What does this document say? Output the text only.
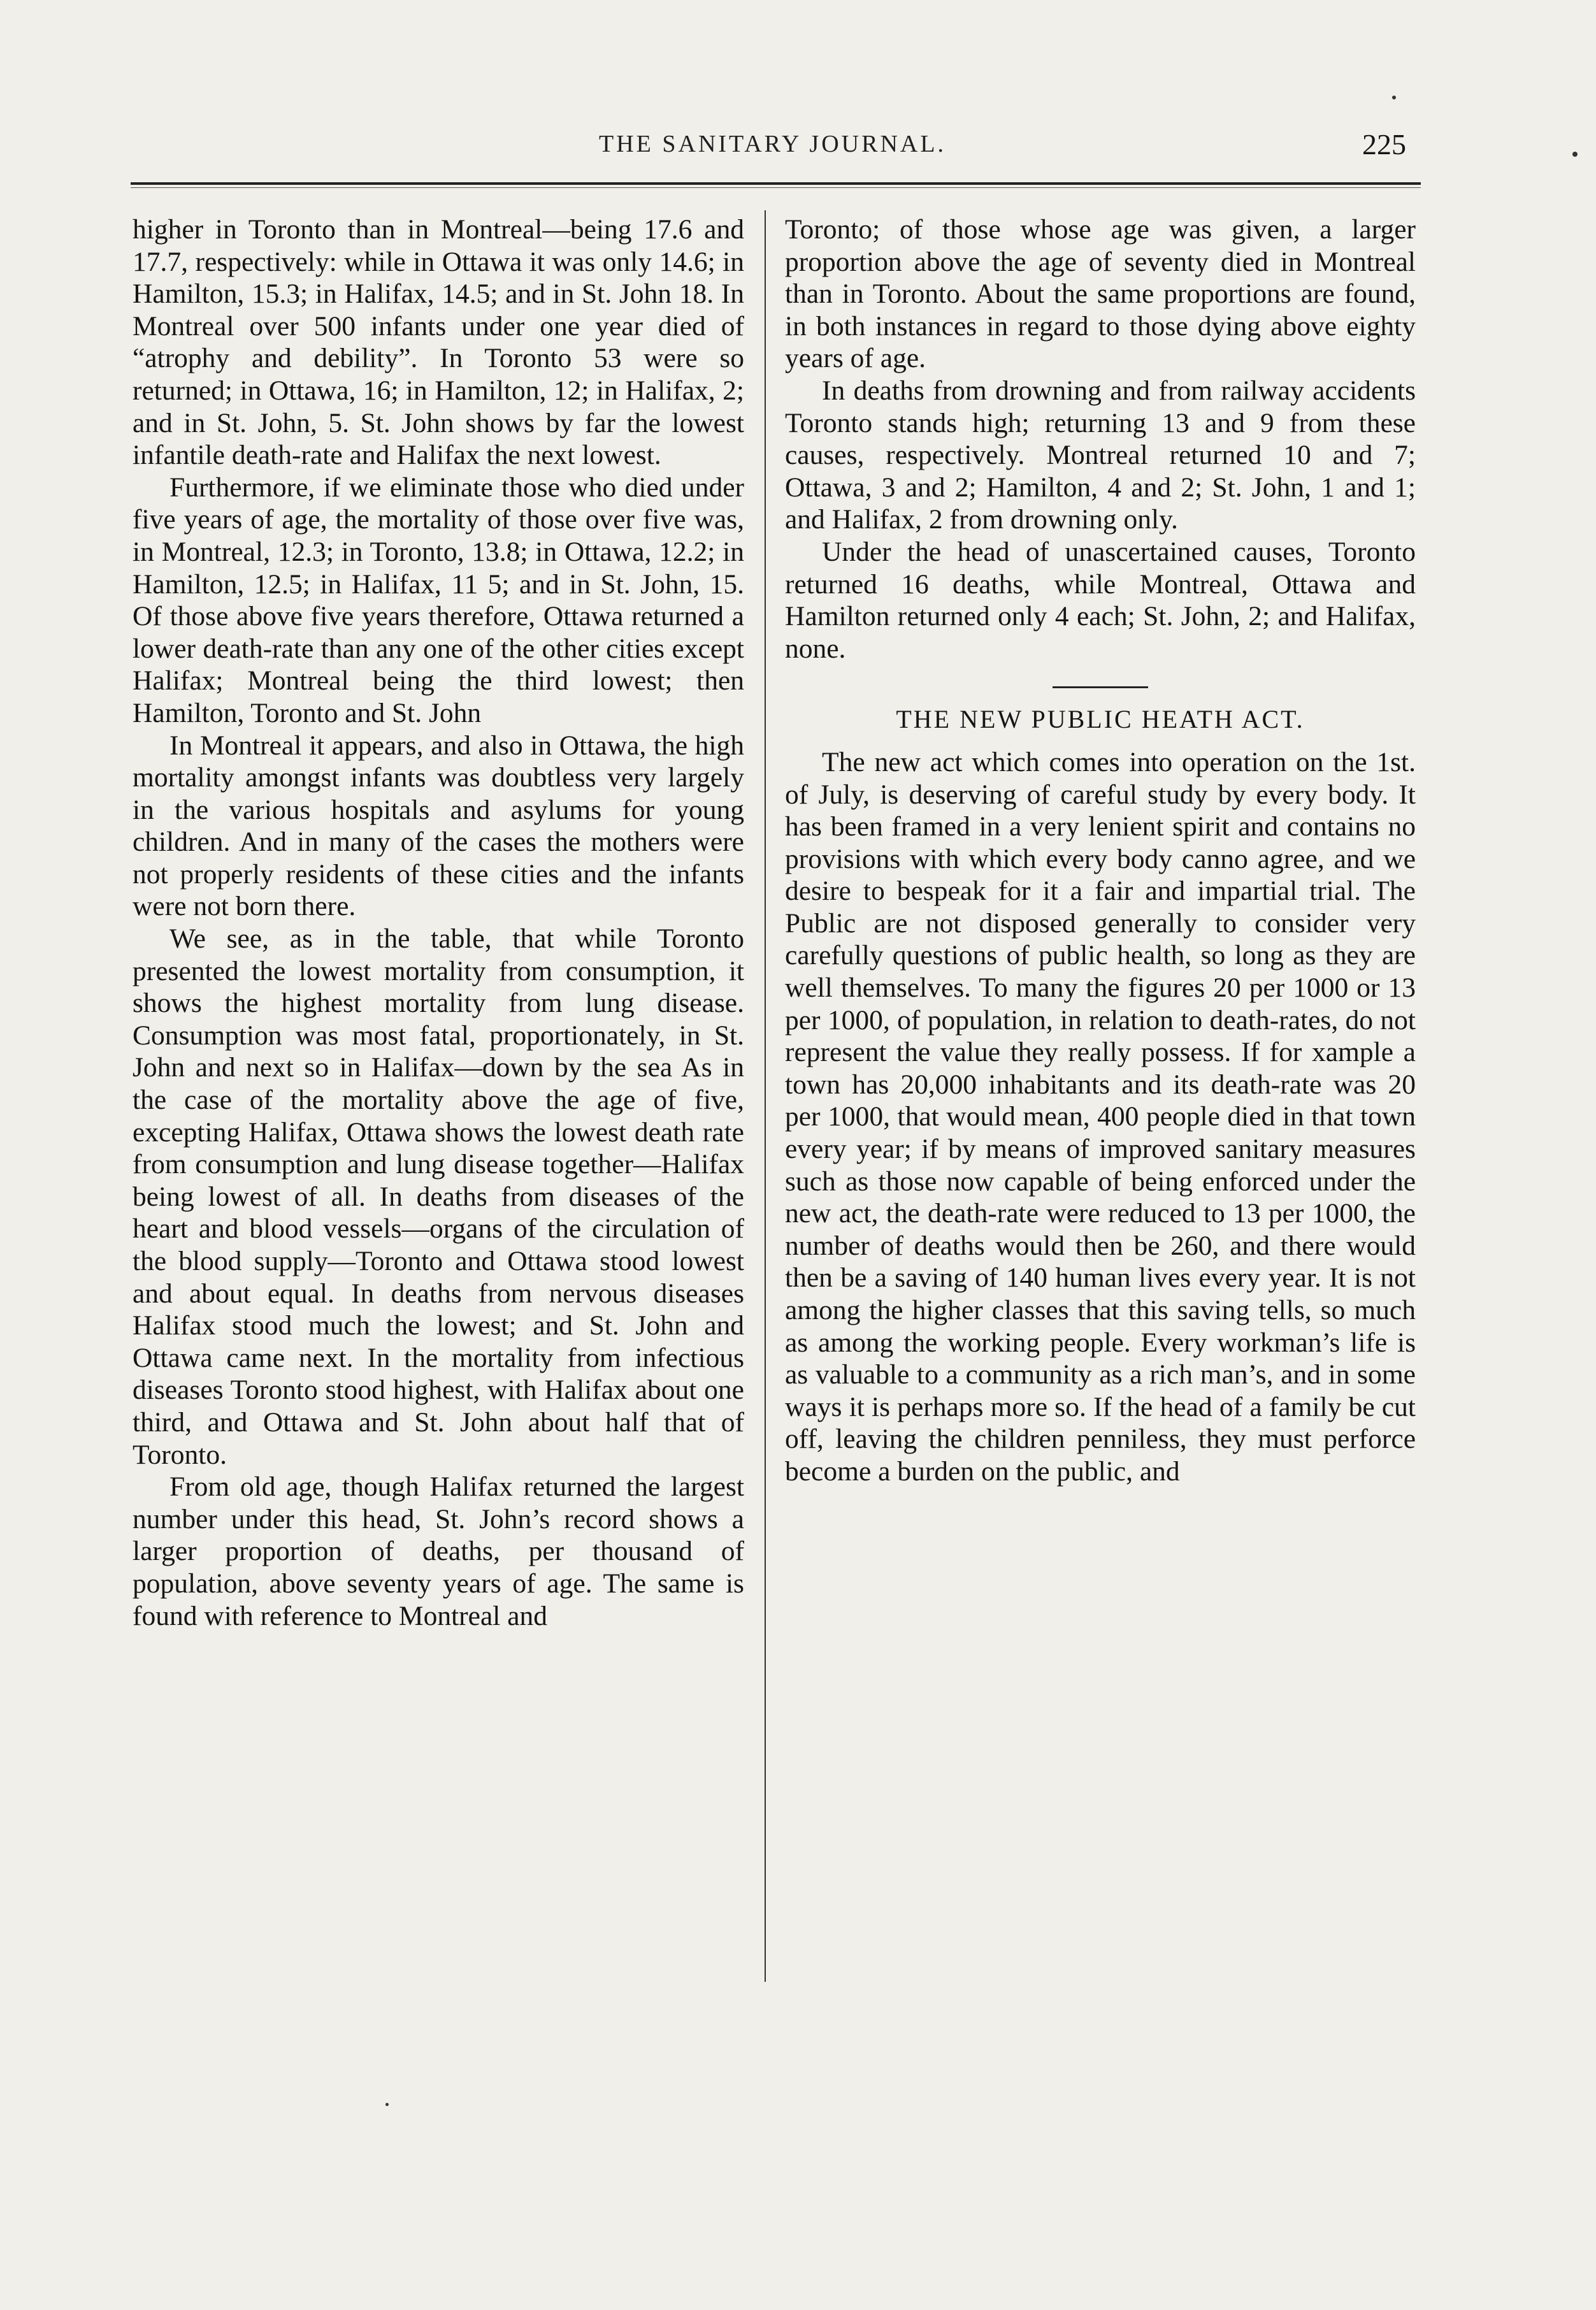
THE SANITARY JOURNAL.	225

higher in Toronto than in Montreal—being 17.6 and 17.7, respectively: while in Ottawa it was only 14.6; in Hamilton, 15.3; in Halifax, 14.5; and in St. John 18. In Montreal over 500 infants under one year died of “atrophy and debility”. In Toronto 53 were so returned; in Ottawa, 16; in Hamilton, 12; in Halifax, 2; and in St. John, 5. St. John shows by far the lowest infantile death-rate and Halifax the next lowest.

Furthermore, if we eliminate those who died under five years of age, the mortality of those over five was, in Montreal, 12.3; in Toronto, 13.8; in Ottawa, 12.2; in Hamilton, 12.5; in Halifax, 11 5; and in St. John, 15. Of those above five years therefore, Ottawa returned a lower death-rate than any one of the other cities except Halifax; Montreal being the third lowest; then Hamilton, Toronto and St. John

In Montreal it appears, and also in Ottawa, the high mortality amongst infants was doubtless very largely in the various hospitals and asylums for young children. And in many of the cases the mothers were not properly residents of these cities and the infants were not born there.

We see, as in the table, that while Toronto presented the lowest mortality from consumption, it shows the highest mortality from lung disease. Consumption was most fatal, proportionately, in St. John and next so in Halifax—down by the sea As in the case of the mortality above the age of five, excepting Halifax, Ottawa shows the lowest death rate from consumption and lung disease together—Halifax being lowest of all. In deaths from diseases of the heart and blood vessels—organs of the circulation of the blood supply—Toronto and Ottawa stood lowest and about equal. In deaths from nervous diseases Halifax stood much the lowest; and St. John and Ottawa came next. In the mortality from infectious diseases Toronto stood highest, with Halifax about one third, and Ottawa and St. John about half that of Toronto.

From old age, though Halifax returned the largest number under this head, St. John’s record shows a larger proportion of deaths, per thousand of population, above seventy years of age. The same is found with reference to Montreal and

Toronto; of those whose age was given, a larger proportion above the age of seventy died in Montreal than in Toronto. About the same proportions are found, in both instances in regard to those dying above eighty years of age.

In deaths from drowning and from railway accidents Toronto stands high; returning 13 and 9 from these causes, respectively. Montreal returned 10 and 7; Ottawa, 3 and 2; Hamilton, 4 and 2; St. John, 1 and 1; and Halifax, 2 from drowning only.

Under the head of unascertained causes, Toronto returned 16 deaths, while Montreal, Ottawa and Hamilton returned only 4 each; St. John, 2; and Halifax, none.

THE NEW PUBLIC HEATH ACT.

The new act which comes into operation on the 1st. of July, is deserving of careful study by every body. It has been framed in a very lenient spirit and contains no provisions with which every body canno agree, and we desire to bespeak for it a fair and impartial trial. The Public are not disposed generally to consider very carefully questions of public health, so long as they are well themselves. To many the figures 20 per 1000 or 13 per 1000, of population, in relation to death-rates, do not represent the value they really possess. If for xample a town has 20,000 inhabitants and its death-rate was 20 per 1000, that would mean, 400 people died in that town every year; if by means of improved sanitary measures such as those now capable of being enforced under the new act, the death-rate were reduced to 13 per 1000, the number of deaths would then be 260, and there would then be a saving of 140 human lives every year. It is not among the higher classes that this saving tells, so much as among the working people. Every workman’s life is as valuable to a community as a rich man’s, and in some ways it is perhaps more so. If the head of a family be cut off, leaving the children penniless, they must perforce become a burden on the public, and
